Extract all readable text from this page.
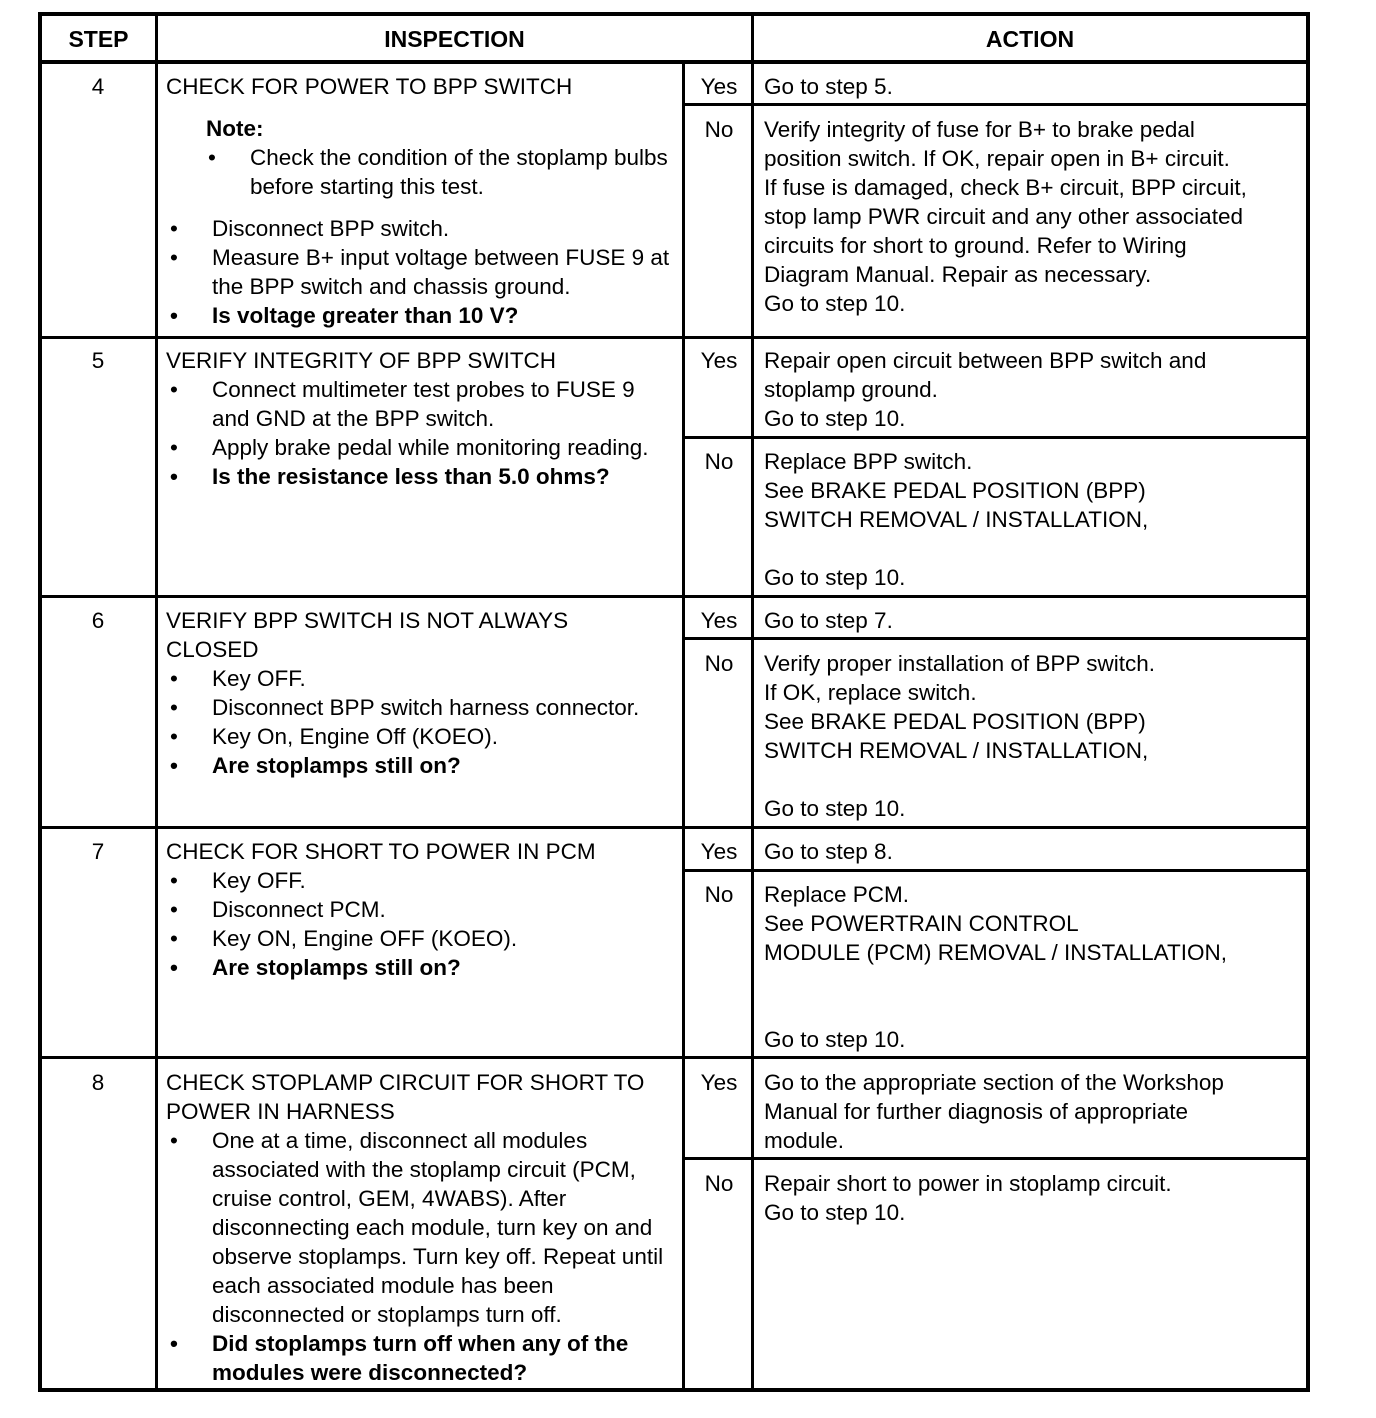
STEP	INSPECTION	ACTION
4	CHECK FOR POWER TO BPP SWITCH
Note:
• Check the condition of the stoplamp bulbs before starting this test.
• Disconnect BPP switch.
• Measure B+ input voltage between FUSE 9 at the BPP switch and chassis ground.
• Is voltage greater than 10 V?
Yes	Go to step 5.
No	Verify integrity of fuse for B+ to brake pedal
position switch. If OK, repair open in B+ circuit.
If fuse is damaged, check B+ circuit, BPP circuit,
stop lamp PWR circuit and any other associated
circuits for short to ground. Refer to Wiring
Diagram Manual. Repair as necessary.
Go to step 10.
5	VERIFY INTEGRITY OF BPP SWITCH
• Connect multimeter test probes to FUSE 9 and GND at the BPP switch.
• Apply brake pedal while monitoring reading.
• Is the resistance less than 5.0 ohms?
Yes	Repair open circuit between BPP switch and
stoplamp ground.
Go to step 10.
No	Replace BPP switch.
See BRAKE PEDAL POSITION (BPP)
SWITCH REMOVAL / INSTALLATION,

Go to step 10.
6	VERIFY BPP SWITCH IS NOT ALWAYS CLOSED
• Key OFF.
• Disconnect BPP switch harness connector.
• Key On, Engine Off (KOEO).
• Are stoplamps still on?
Yes	Go to step 7.
No	Verify proper installation of BPP switch.
If OK, replace switch.
See BRAKE PEDAL POSITION (BPP)
SWITCH REMOVAL / INSTALLATION,

Go to step 10.
7	CHECK FOR SHORT TO POWER IN PCM
• Key OFF.
• Disconnect PCM.
• Key ON, Engine OFF (KOEO).
• Are stoplamps still on?
Yes	Go to step 8.
No	Replace PCM.
See POWERTRAIN CONTROL
MODULE (PCM) REMOVAL / INSTALLATION,

Go to step 10.
8	CHECK STOPLAMP CIRCUIT FOR SHORT TO POWER IN HARNESS
• One at a time, disconnect all modules associated with the stoplamp circuit (PCM, cruise control, GEM, 4WABS). After disconnecting each module, turn key on and observe stoplamps. Turn key off. Repeat until each associated module has been disconnected or stoplamps turn off.
• Did stoplamps turn off when any of the modules were disconnected?
Yes	Go to the appropriate section of the Workshop
Manual for further diagnosis of appropriate
module.
No	Repair short to power in stoplamp circuit.
Go to step 10.
